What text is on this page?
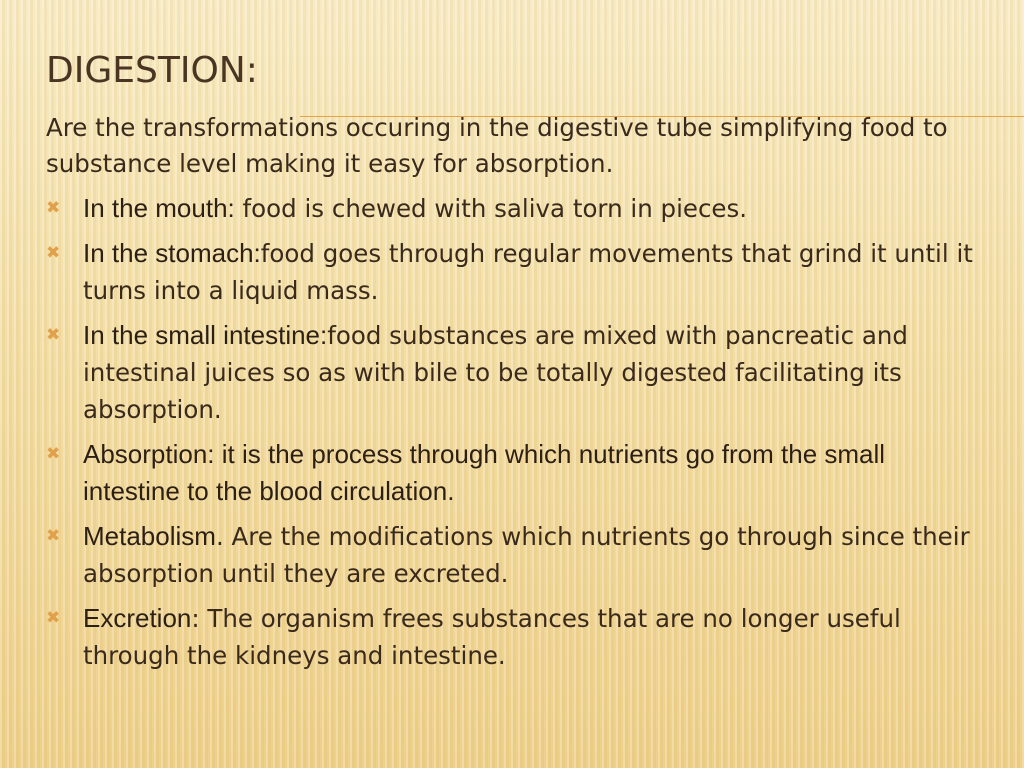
DIGESTION:
Are the transformations occuring in the digestive tube simplifying food to substance level making it easy for absorption.
✖ In the mouth: food is chewed with saliva torn in pieces.
✖ In the stomach:food goes through regular movements that grind it until it turns into a liquid mass.
✖ In the small intestine:food substances are mixed with pancreatic and intestinal juices so as with bile to be totally digested facilitating its absorption.
✖ Absorption: it is the process through which nutrients go from the small intestine to the blood circulation.
✖ Metabolism. Are the modifications which nutrients go through since their absorption until they are excreted.
✖ Excretion: The organism frees substances that are no longer useful through the kidneys and intestine.
